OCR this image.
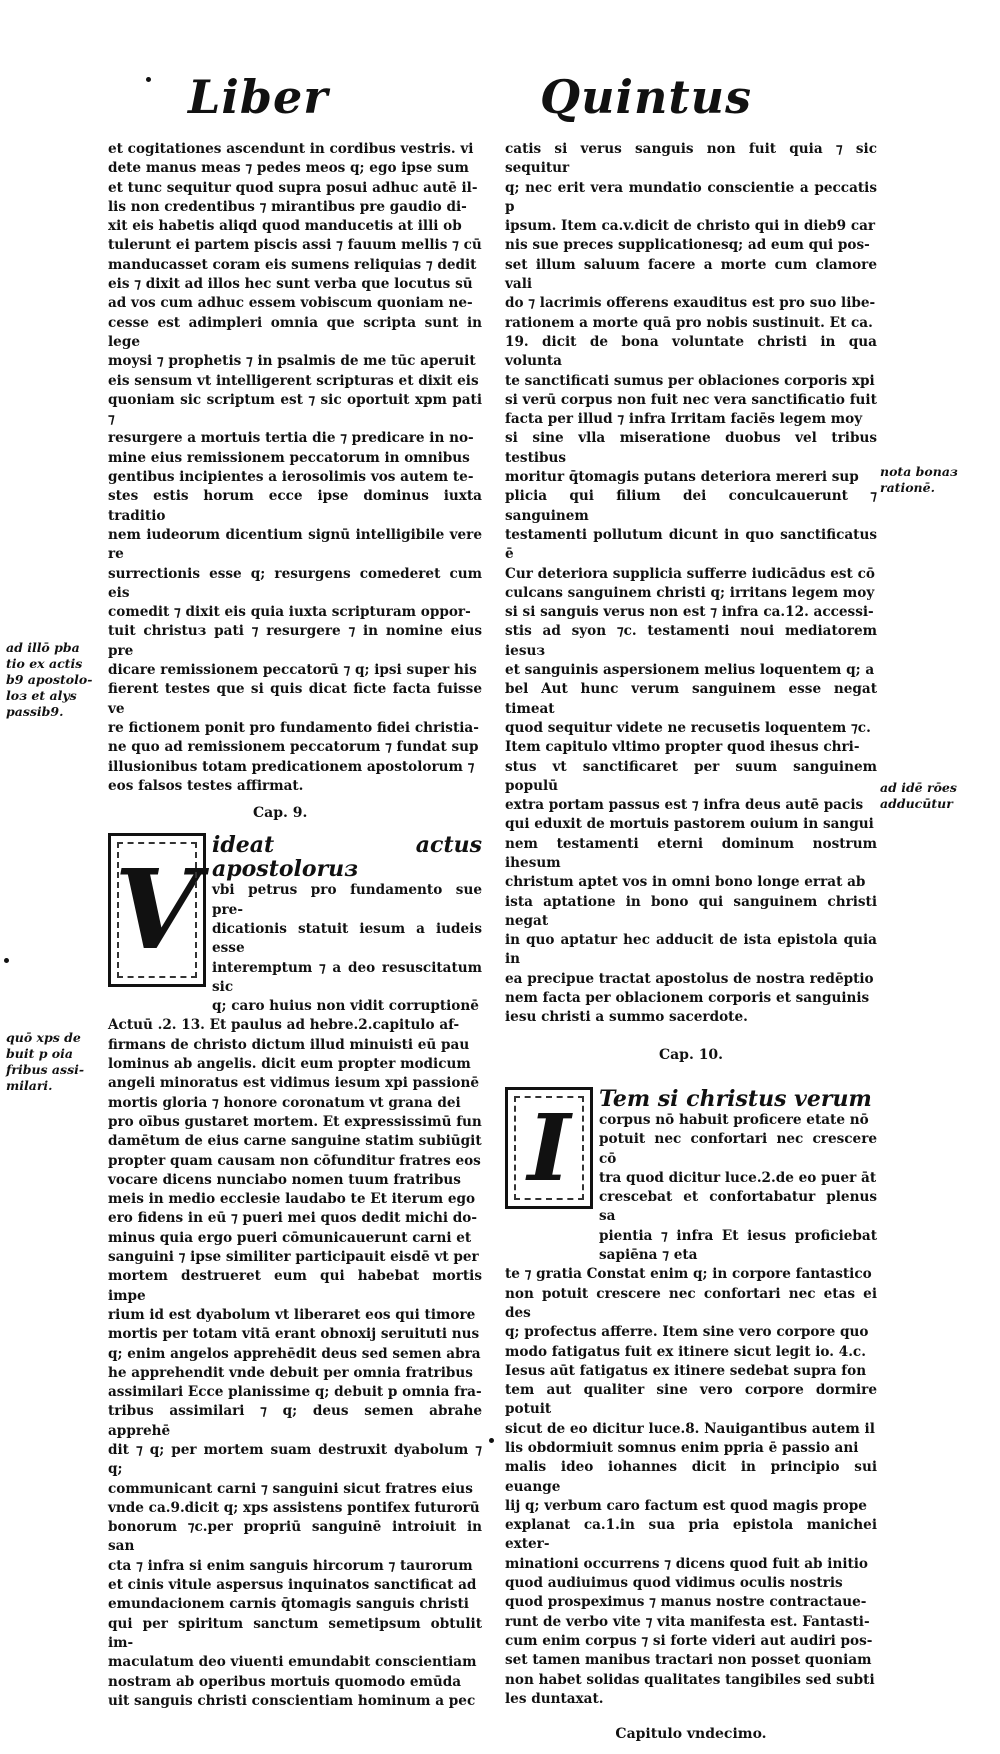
Liber	Quintus

et cogitationes ascendunt in cordibus vestris. vi
dete manus meas ⁊ pedes meos q; ego ipse sum
et tunc sequitur quod supra posui adhuc autē il-
lis non credentibus ⁊ mirantibus pre gaudio di-
xit eis habetis aliqd quod manducetis at illi ob
tulerunt ei partem piscis assi ⁊ fauum mellis ⁊ cū
manducasset coram eis sumens reliquias ⁊ dedit
eis ⁊ dixit ad illos hec sunt verba que locutus sū
ad vos cum adhuc essem vobiscum quoniam ne-
cesse est adimpleri omnia que scripta sunt in lege
moysi ⁊ prophetis ⁊ in psalmis de me tūc aperuit
eis sensum vt intelligerent scripturas et dixit eis
quoniam sic scriptum est ⁊ sic oportuit xpm pati ⁊
resurgere a mortuis tertia die ⁊ predicare in no-
mine eius remissionem peccatorum in omnibus
gentibus incipientes a ierosolimis vos autem te-
stes estis horum ecce ipse dominus iuxta traditio
nem iudeorum dicentium signū intelligibile vere re
surrectionis esse q; resurgens comederet cum eis
comedit ⁊ dixit eis quia iuxta scripturam oppor-
tuit christuз pati ⁊ resurgere ⁊ in nomine eius pre
dicare remissionem peccatorū ⁊ q; ipsi super his
fierent testes que si quis dicat ficte facta fuisse ve
re fictionem ponit pro fundamento fidei christia-
ne quo ad remissionem peccatorum ⁊ fundat sup
illusionibus totam predicationem apostolorum ⁊
eos falsos testes affirmat.

Cap. 9.
V ideat actus apostoloruз

vbi petrus pro fundamento sue pre-
dicationis statuit iesum a iudeis esse
interemptum ⁊ a deo resuscitatum sic
q; caro huius non vidit corruptionē

Actuū .2. 13. Et paulus ad hebre.2.capitulo af-
firmans de christo dictum illud minuisti eū pau
lominus ab angelis. dicit eum propter modicum
angeli minoratus est vidimus iesum xpi passionē
mortis gloria ⁊ honore coronatum vt grana dei
pro oībus gustaret mortem. Et expressissimū fun
damētum de eius carne sanguine statim subiūgit
propter quam causam non cōfunditur fratres eos
vocare dicens nunciabo nomen tuum fratribus
meis in medio ecclesie laudabo te Et iterum ego
ero fidens in eū ⁊ pueri mei quos dedit michi do-
minus quia ergo pueri cōmunicauerunt carni et
sanguini ⁊ ipse similiter participauit eisdē vt per
mortem destrueret eum qui habebat mortis impe
rium id est dyabolum vt liberaret eos qui timore
mortis per totam vitā erant obnoxij seruituti nus
q; enim angelos apprehēdit deus sed semen abra
he apprehendit vnde debuit per omnia fratribus
assimilari Ecce planissime q; debuit p omnia fra-
tribus assimilari ⁊ q; deus semen abrahe apprehē
dit ⁊ q; per mortem suam destruxit dyabolum ⁊ q;
communicant carni ⁊ sanguini sicut fratres eius
vnde ca.9.dicit q; xps assistens pontifex futurorū
bonorum ⁊c.per propriū sanguinē introiuit in san
cta ⁊ infra si enim sanguis hircorum ⁊ taurorum
et cinis vitule aspersus inquinatos sanctificat ad
emundacionem carnis q̄tomagis sanguis christi
qui per spiritum sanctum semetipsum obtulit im-
maculatum deo viuenti emundabit conscientiam
nostram ab operibus mortuis quomodo emūda
uit sanguis christi conscientiam hominum a pec

catis si verus sanguis non fuit quia ⁊ sic sequitur
q; nec erit vera mundatio conscientie a peccatis p
ipsum. Item ca.v.dicit de christo qui in dieb9 car
nis sue preces supplicationesq; ad eum qui pos-
set illum saluum facere a morte cum clamore vali
do ⁊ lacrimis offerens exauditus est pro suo libe-
rationem a morte quā pro nobis sustinuit. Et ca.
19. dicit de bona voluntate christi in qua volunta
te sanctificati sumus per oblaciones corporis xpi
si verū corpus non fuit nec vera sanctificatio fuit
facta per illud ⁊ infra Irritam faciēs legem moy
si sine vlla miseratione duobus vel tribus testibus
moritur q̄tomagis putans deteriora mereri sup
plicia qui filium dei conculcauerunt ⁊ sanguinem
testamenti pollutum dicunt in quo sanctificatus ē
Cur deteriora supplicia sufferre iudicādus est cō
culcans sanguinem christi q; irritans legem moy
si si sanguis verus non est ⁊ infra ca.12. accessi-
stis ad syon ⁊c. testamenti noui mediatorem iesuз
et sanguinis aspersionem melius loquentem q; a
bel Aut hunc verum sanguinem esse negat timeat
quod sequitur videte ne recusetis loquentem ⁊c.
Item capitulo vltimo propter quod ihesus chri-
stus vt sanctificaret per suum sanguinem populū
extra portam passus est ⁊ infra deus autē pacis
qui eduxit de mortuis pastorem ouium in sangui
nem testamenti eterni dominum nostrum ihesum
christum aptet vos in omni bono longe errat ab
ista aptatione in bono qui sanguinem christi negat
in quo aptatur hec adducit de ista epistola quia in
ea precipue tractat apostolus de nostra redēptio
nem facta per oblacionem corporis et sanguinis
iesu christi a summo sacerdote.

Cap. 10.
I Tem si christus verum

corpus nō habuit proficere etate nō
potuit nec confortari nec crescere cō
tra quod dicitur luce.2.de eo puer āt
crescebat et confortabatur plenus sa
pientia ⁊ infra Et iesus proficiebat sapiēna ⁊ eta

te ⁊ gratia Constat enim q; in corpore fantastico
non potuit crescere nec confortari nec etas ei des
q; profectus afferre. Item sine vero corpore quo
modo fatigatus fuit ex itinere sicut legit io. 4.c.
Iesus aūt fatigatus ex itinere sedebat supra fon
tem aut qualiter sine vero corpore dormire potuit
sicut de eo dicitur luce.8. Nauigantibus autem il
lis obdormiuit somnus enim ppria ē passio ani
malis ideo iohannes dicit in principio sui euange
lij q; verbum caro factum est quod magis prope
explanat ca.1.in sua pria epistola manichei exter-
minationi occurrens ⁊ dicens quod fuit ab initio
quod audiuimus quod vidimus oculis nostris
quod prospeximus ⁊ manus nostre contractaue-
runt de verbo vite ⁊ vita manifesta est. Fantasti-
cum enim corpus ⁊ si forte videri aut audiri pos-
set tamen manibus tractari non posset quoniam
non habet solidas qualitates tangibiles sed subti
les duntaxat.

Capitulo vndecimo.
ad illō pba
tio ex actis
b9 apostolo-
loз et alys
passib9.
quō xps de
buit p oia
fribus assi-
milari.
nota bonaз
rationē.
ad idē rōes
adducūtur
